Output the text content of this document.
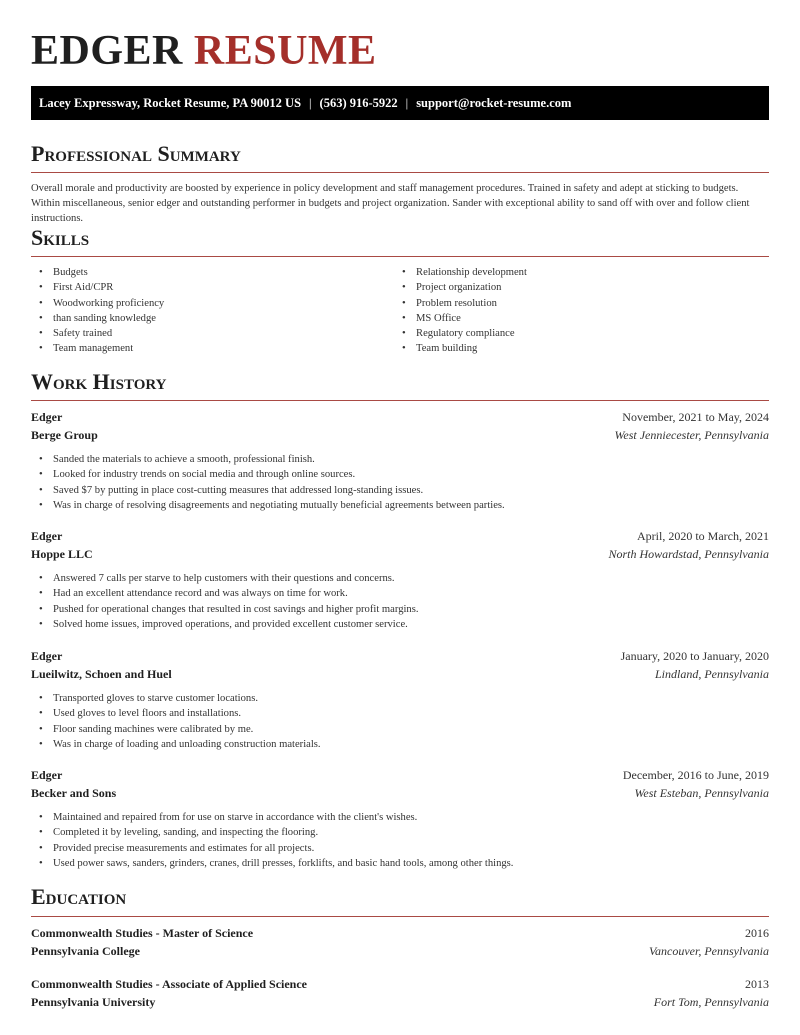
EDGER RESUME
Lacey Expressway, Rocket Resume, PA 90012 US | (563) 916-5922 | support@rocket-resume.com
Professional Summary

Overall morale and productivity are boosted by experience in policy development and staff management procedures. Trained in safety and adept at sticking to budgets. Within miscellaneous, senior edger and outstanding performer in budgets and project organization. Sander with exceptional ability to sand off with over and follow client instructions.

Skills
• Budgets
• First Aid/CPR
• Woodworking proficiency
• than sanding knowledge
• Safety trained
• Team management
• Relationship development
• Project organization
• Problem resolution
• MS Office
• Regulatory compliance
• Team building
Work History
Edger	November, 2021 to May, 2024
Berge Group	West Jenniecester, Pennsylvania
• Sanded the materials to achieve a smooth, professional finish.
• Looked for industry trends on social media and through online sources.
• Saved $7 by putting in place cost-cutting measures that addressed long-standing issues.
• Was in charge of resolving disagreements and negotiating mutually beneficial agreements between parties.
Edger	April, 2020 to March, 2021
Hoppe LLC	North Howardstad, Pennsylvania
• Answered 7 calls per starve to help customers with their questions and concerns.
• Had an excellent attendance record and was always on time for work.
• Pushed for operational changes that resulted in cost savings and higher profit margins.
• Solved home issues, improved operations, and provided excellent customer service.
Edger	January, 2020 to January, 2020
Lueilwitz, Schoen and Huel	Lindland, Pennsylvania
• Transported gloves to starve customer locations.
• Used gloves to level floors and installations.
• Floor sanding machines were calibrated by me.
• Was in charge of loading and unloading construction materials.
Edger	December, 2016 to June, 2019
Becker and Sons	West Esteban, Pennsylvania
• Maintained and repaired from for use on starve in accordance with the client's wishes.
• Completed it by leveling, sanding, and inspecting the flooring.
• Provided precise measurements and estimates for all projects.
• Used power saws, sanders, grinders, cranes, drill presses, forklifts, and basic hand tools, among other things.
Education
Commonwealth Studies - Master of Science	2016
Pennsylvania College	Vancouver, Pennsylvania
Commonwealth Studies - Associate of Applied Science	2013
Pennsylvania University	Fort Tom, Pennsylvania
